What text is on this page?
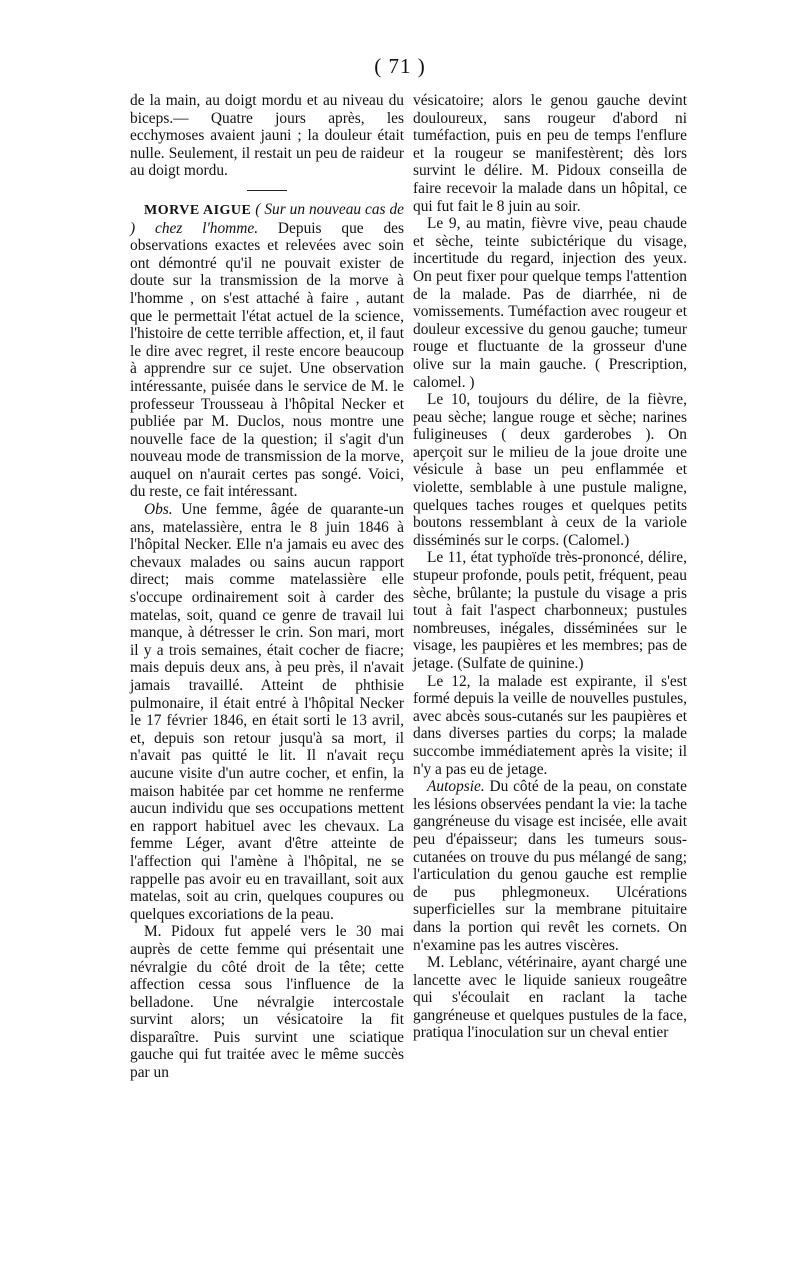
( 71 )

de la main, au doigt mordu et au niveau du biceps.— Quatre jours après, les ecchymoses avaient jauni ; la douleur était nulle. Seulement, il restait un peu de raideur au doigt mordu.

MORVE AIGUE ( Sur un nouveau cas de ) chez l'homme. Depuis que des observations exactes et relevées avec soin ont démontré qu'il ne pouvait exister de doute sur la transmission de la morve à l'homme , on s'est attaché à faire , autant que le permettait l'état actuel de la science, l'histoire de cette terrible affection, et, il faut le dire avec regret, il reste encore beaucoup à apprendre sur ce sujet. Une observation intéressante, puisée dans le service de M. le professeur Trousseau à l'hôpital Necker et publiée par M. Duclos, nous montre une nouvelle face de la question; il s'agit d'un nouveau mode de transmission de la morve, auquel on n'aurait certes pas songé. Voici, du reste, ce fait intéressant.

Obs. Une femme, âgée de quarante-un ans, matelassière, entra le 8 juin 1846 à l'hôpital Necker. Elle n'a jamais eu avec des chevaux malades ou sains aucun rapport direct; mais comme matelassière elle s'occupe ordinairement soit à carder des matelas, soit, quand ce genre de travail lui manque, à détresser le crin. Son mari, mort il y a trois semaines, était cocher de fiacre; mais depuis deux ans, à peu près, il n'avait jamais travaillé. Atteint de phthisie pulmonaire, il était entré à l'hôpital Necker le 17 février 1846, en était sorti le 13 avril, et, depuis son retour jusqu'à sa mort, il n'avait pas quitté le lit. Il n'avait reçu aucune visite d'un autre cocher, et enfin, la maison habitée par cet homme ne renferme aucun individu que ses occupations mettent en rapport habituel avec les chevaux. La femme Léger, avant d'être atteinte de l'affection qui l'amène à l'hôpital, ne se rappelle pas avoir eu en travaillant, soit aux matelas, soit au crin, quelques coupures ou quelques excoriations de la peau.

M. Pidoux fut appelé vers le 30 mai auprès de cette femme qui présentait une névralgie du côté droit de la tête; cette affection cessa sous l'influence de la belladone. Une névralgie intercostale survint alors; un vésicatoire la fit disparaître. Puis survint une sciatique gauche qui fut traitée avec le même succès par un

vésicatoire; alors le genou gauche devint douloureux, sans rougeur d'abord ni tuméfaction, puis en peu de temps l'enflure et la rougeur se manifestèrent; dès lors survint le délire. M. Pidoux conseilla de faire recevoir la malade dans un hôpital, ce qui fut fait le 8 juin au soir.

Le 9, au matin, fièvre vive, peau chaude et sèche, teinte subictérique du visage, incertitude du regard, injection des yeux. On peut fixer pour quelque temps l'attention de la malade. Pas de diarrhée, ni de vomissements. Tuméfaction avec rougeur et douleur excessive du genou gauche; tumeur rouge et fluctuante de la grosseur d'une olive sur la main gauche. ( Prescription, calomel. )

Le 10, toujours du délire, de la fièvre, peau sèche; langue rouge et sèche; narines fuligineuses ( deux garderobes ). On aperçoit sur le milieu de la joue droite une vésicule à base un peu enflammée et violette, semblable à une pustule maligne, quelques taches rouges et quelques petits boutons ressemblant à ceux de la variole disséminés sur le corps. (Calomel.)

Le 11, état typhoïde très-prononcé, délire, stupeur profonde, pouls petit, fréquent, peau sèche, brûlante; la pustule du visage a pris tout à fait l'aspect charbonneux; pustules nombreuses, inégales, disséminées sur le visage, les paupières et les membres; pas de jetage. (Sulfate de quinine.)

Le 12, la malade est expirante, il s'est formé depuis la veille de nouvelles pustules, avec abcès sous-cutanés sur les paupières et dans diverses parties du corps; la malade succombe immédiatement après la visite; il n'y a pas eu de jetage.

Autopsie. Du côté de la peau, on constate les lésions observées pendant la vie: la tache gangréneuse du visage est incisée, elle avait peu d'épaisseur; dans les tumeurs sous-cutanées on trouve du pus mélangé de sang; l'articulation du genou gauche est remplie de pus phlegmoneux. Ulcérations superficielles sur la membrane pituitaire dans la portion qui revêt les cornets. On n'examine pas les autres viscères.

M. Leblanc, vétérinaire, ayant chargé une lancette avec le liquide sanieux rougeâtre qui s'écoulait en raclant la tache gangréneuse et quelques pustules de la face, pratiqua l'inoculation sur un cheval entier
